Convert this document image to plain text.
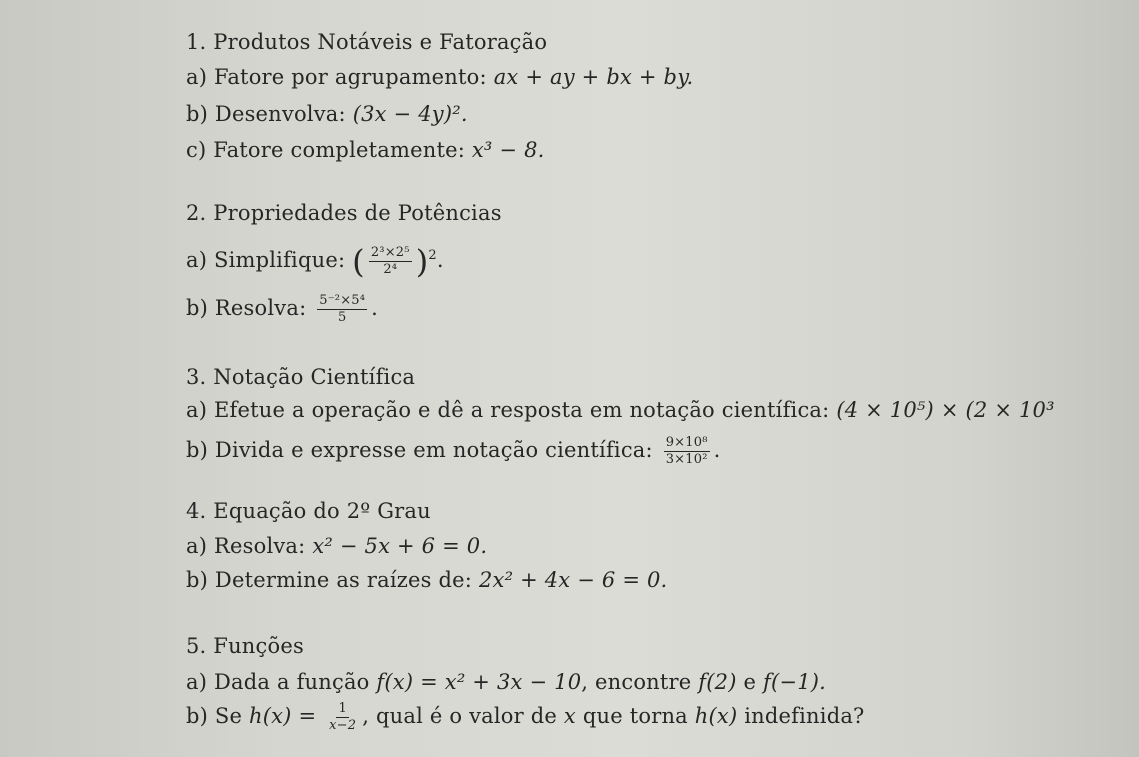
1. Produtos Notáveis e Fatoração
a) Fatore por agrupamento: ax + ay + bx + by.
b) Desenvolva: (3x − 4y)².
c) Fatore completamente: x³ − 8.
2. Propriedades de Potências
a) Simplifique: ( $\frac{\text{2³×2⁵}}{\text{2⁴}} )^2$.
b) Resolva: $\frac{\text{5⁻²×5⁴}}{5}$ .
3. Notação Científica
a) Efetue a operação e dê a resposta em notação científica: (4 × 10⁵) × (2 × 10³
b) Divida e expresse em notação científica: $\frac{\text{9×10⁸}}{\text{3×10²}}$ .
4. Equação do 2º Grau
a) Resolva: x² − 5x + 6 = 0.
b) Determine as raízes de: 2x² + 4x − 6 = 0.
5. Funções
a) Dada a função f(x) = x² + 3x − 10, encontre f(2) e f(−1).
b) Se $h(x) = \frac{1}{x-2}$ , qual é o valor de x que torna h(x) indefinida?
